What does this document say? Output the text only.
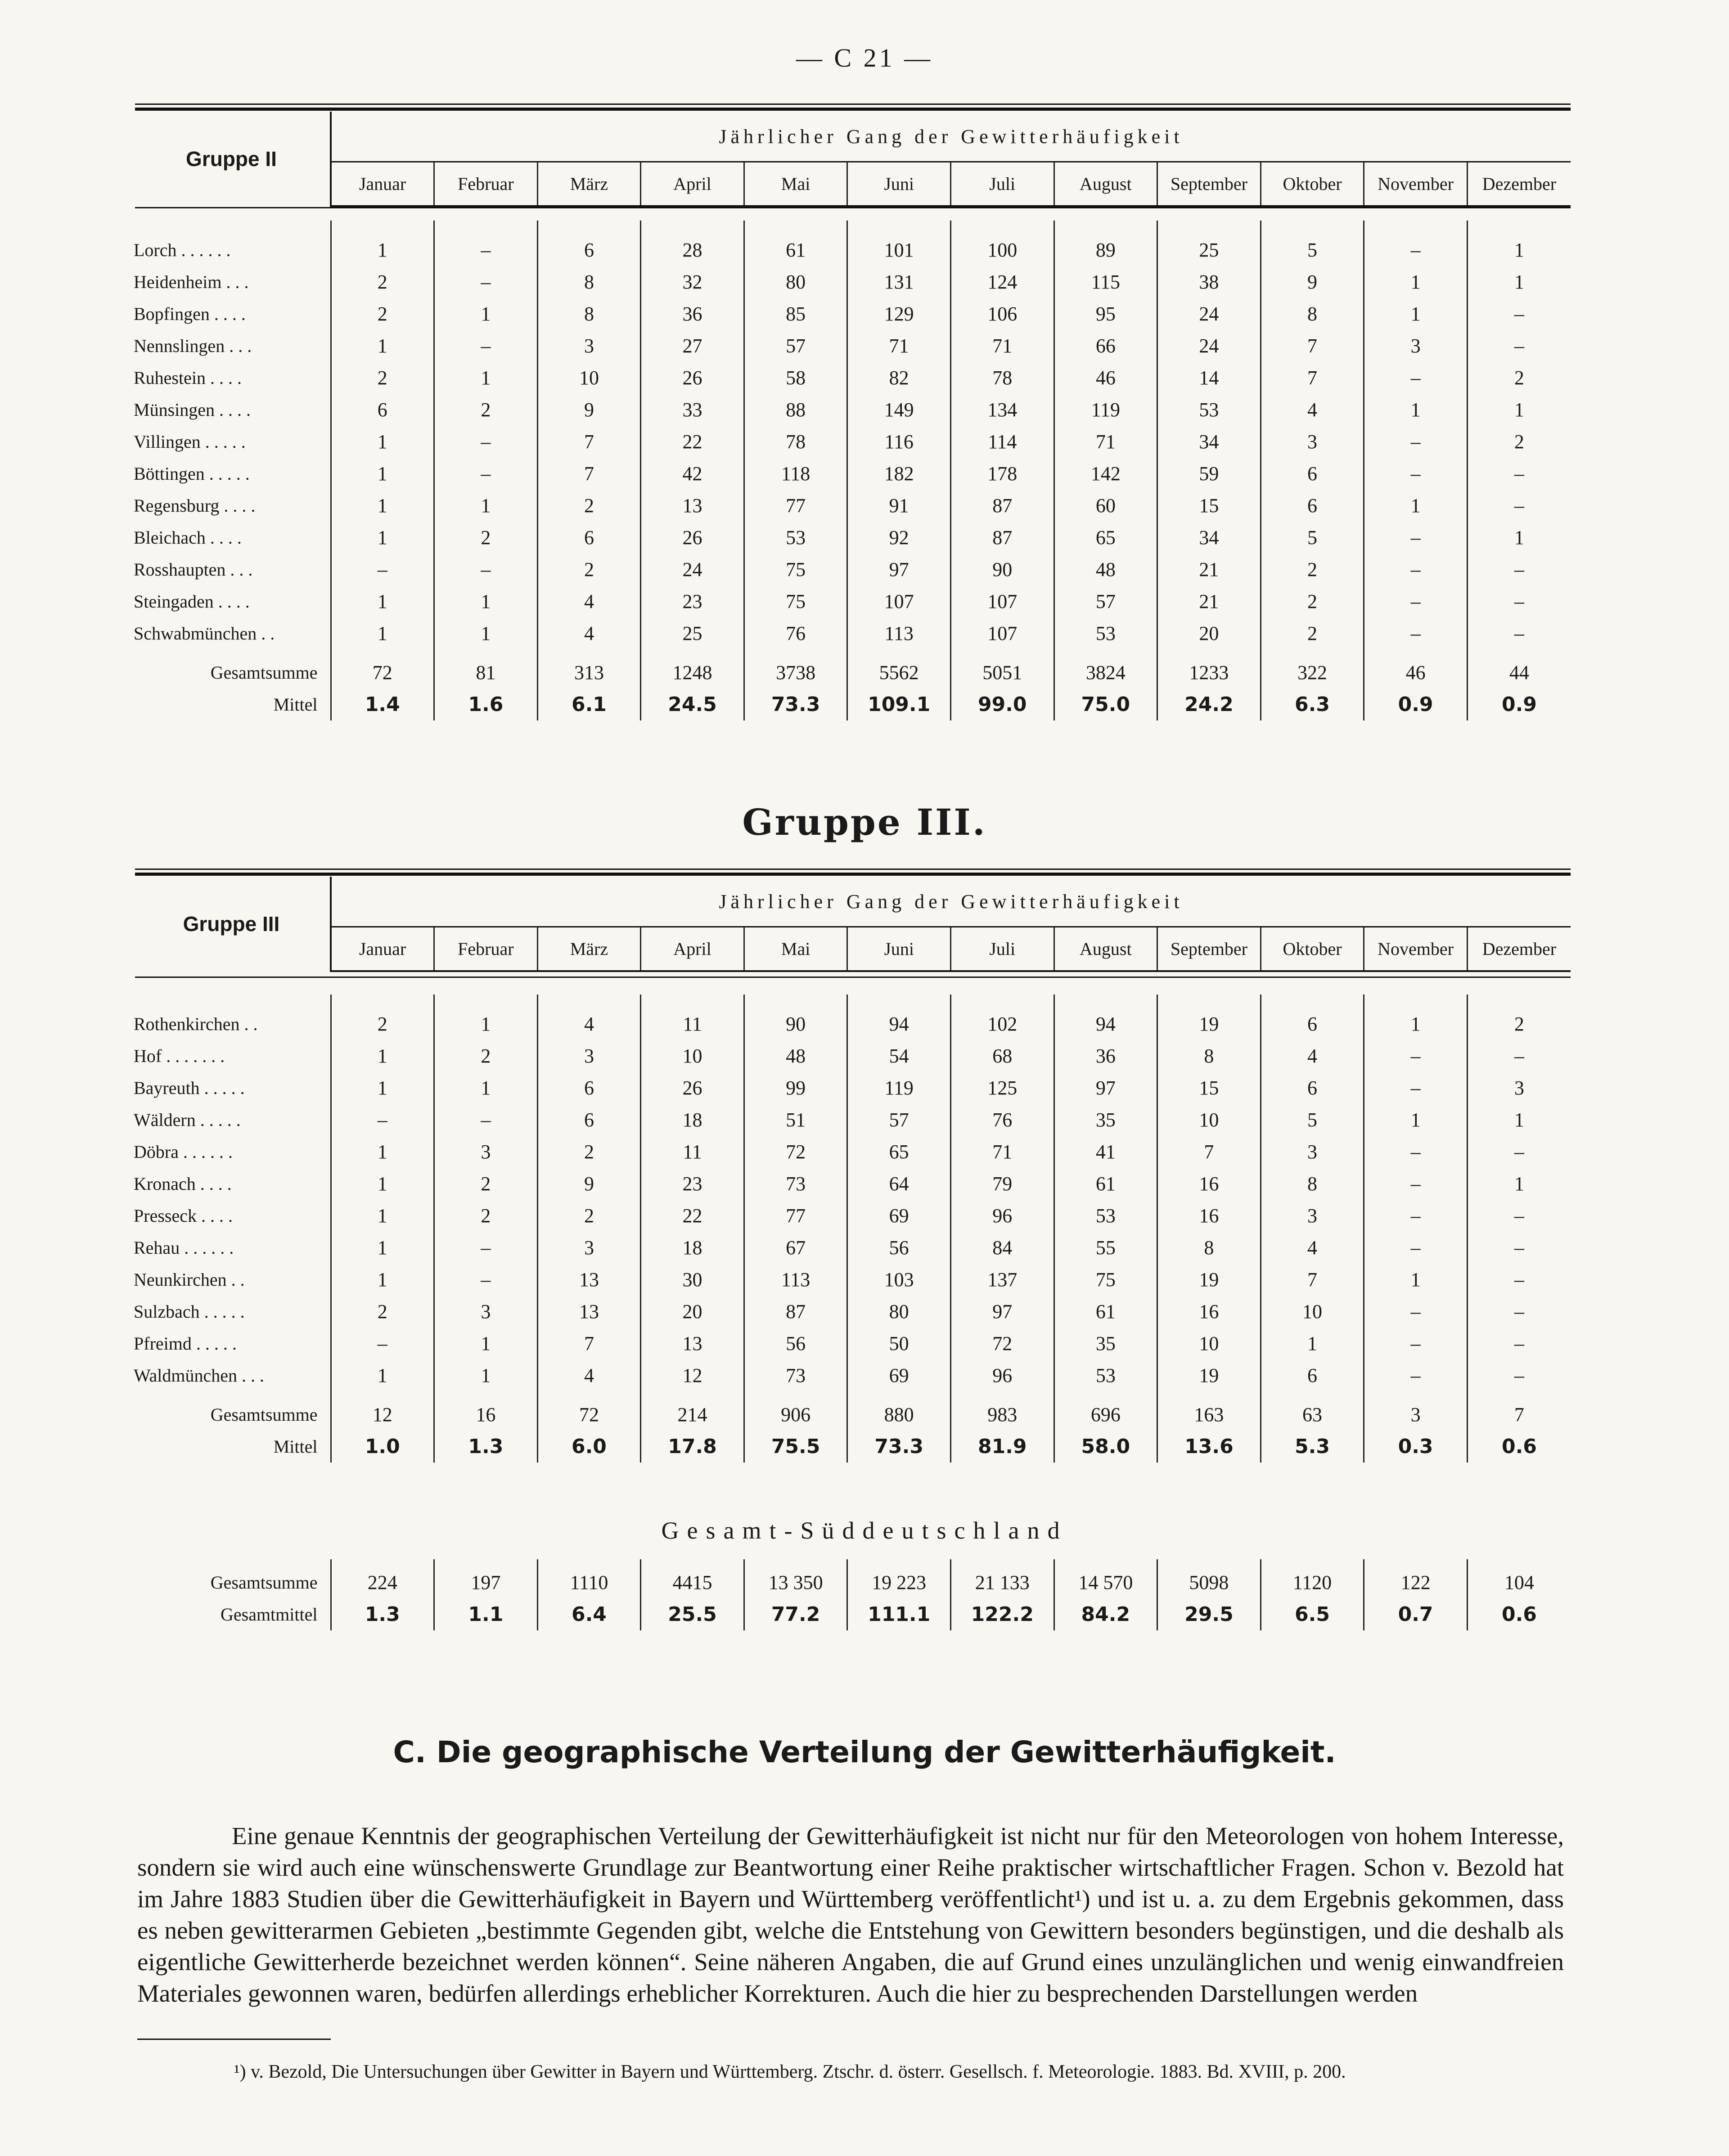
— C 21 —
Gruppe II	Jährlicher Gang der Gewitterhäufigkeit											
	Januar	Februar	März	April	Mai	Juni	Juli	August	September	Oktober	November	Dezember

Lorch . . . . . .	1	–	6	28	61	101	100	89	25	5	–	1
Heidenheim . . .	2	–	8	32	80	131	124	115	38	9	1	1
Bopfingen . . . .	2	1	8	36	85	129	106	95	24	8	1	–
Nennslingen . . .	1	–	3	27	57	71	71	66	24	7	3	–
Ruhestein . . . .	2	1	10	26	58	82	78	46	14	7	–	2
Münsingen . . . .	6	2	9	33	88	149	134	119	53	4	1	1
Villingen . . . . .	1	–	7	22	78	116	114	71	34	3	–	2
Böttingen . . . . .	1	–	7	42	118	182	178	142	59	6	–	–
Regensburg . . . .	1	1	2	13	77	91	87	60	15	6	1	–
Bleichach . . . .	1	2	6	26	53	92	87	65	34	5	–	1
Rosshaupten . . .	–	–	2	24	75	97	90	48	21	2	–	–
Steingaden . . . .	1	1	4	23	75	107	107	57	21	2	–	–
Schwabmünchen . .	1	1	4	25	76	113	107	53	20	2	–	–
Gesamtsumme	72	81	313	1248	3738	5562	5051	3824	1233	322	46	44
Mittel	1.4	1.6	6.1	24.5	73.3	109.1	99.0	75.0	24.2	6.3	0.9	0.9
Gruppe III.
Gruppe III	Jährlicher Gang der Gewitterhäufigkeit											
	Januar	Februar	März	April	Mai	Juni	Juli	August	September	Oktober	November	Dezember

Rothenkirchen . .	2	1	4	11	90	94	102	94	19	6	1	2
Hof . . . . . . .	1	2	3	10	48	54	68	36	8	4	–	–
Bayreuth . . . . .	1	1	6	26	99	119	125	97	15	6	–	3
Wäldern . . . . .	–	–	6	18	51	57	76	35	10	5	1	1
Döbra . . . . . .	1	3	2	11	72	65	71	41	7	3	–	–
Kronach . . . .	1	2	9	23	73	64	79	61	16	8	–	1
Presseck . . . .	1	2	2	22	77	69	96	53	16	3	–	–
Rehau . . . . . .	1	–	3	18	67	56	84	55	8	4	–	–
Neunkirchen . .	1	–	13	30	113	103	137	75	19	7	1	–
Sulzbach . . . . .	2	3	13	20	87	80	97	61	16	10	–	–
Pfreimd . . . . .	–	1	7	13	56	50	72	35	10	1	–	–
Waldmünchen . . .	1	1	4	12	73	69	96	53	19	6	–	–
Gesamtsumme	12	16	72	214	906	880	983	696	163	63	3	7
Mittel	1.0	1.3	6.0	17.8	75.5	73.3	81.9	58.0	13.6	5.3	0.3	0.6
Gesamt-Süddeutschland
Gesamtsumme	224	197	1110	4415	13 350	19 223	21 133	14 570	5098	1120	122	104
Gesamtmittel	1.3	1.1	6.4	25.5	77.2	111.1	122.2	84.2	29.5	6.5	0.7	0.6
C. Die geographische Verteilung der Gewitterhäufigkeit.

Eine genaue Kenntnis der geographischen Verteilung der Gewitterhäufigkeit ist nicht nur für den Meteorologen von hohem Interesse, sondern sie wird auch eine wünschenswerte Grundlage zur Beantwortung einer Reihe praktischer wirtschaftlicher Fragen. Schon v. Bezold hat im Jahre 1883 Studien über die Gewitterhäufigkeit in Bayern und Württemberg veröffentlicht¹) und ist u. a. zu dem Ergebnis gekommen, dass es neben gewitterarmen Gebieten „bestimmte Gegenden gibt, welche die Entstehung von Gewittern besonders begünstigen, und die deshalb als eigentliche Gewitterherde bezeichnet werden können“. Seine näheren Angaben, die auf Grund eines unzulänglichen und wenig einwandfreien Materiales gewonnen waren, bedürfen allerdings erheblicher Korrekturen. Auch die hier zu besprechenden Darstellungen werden

¹) v. Bezold, Die Untersuchungen über Gewitter in Bayern und Württemberg. Ztschr. d. österr. Gesellsch. f. Meteorologie. 1883. Bd. XVIII, p. 200.
